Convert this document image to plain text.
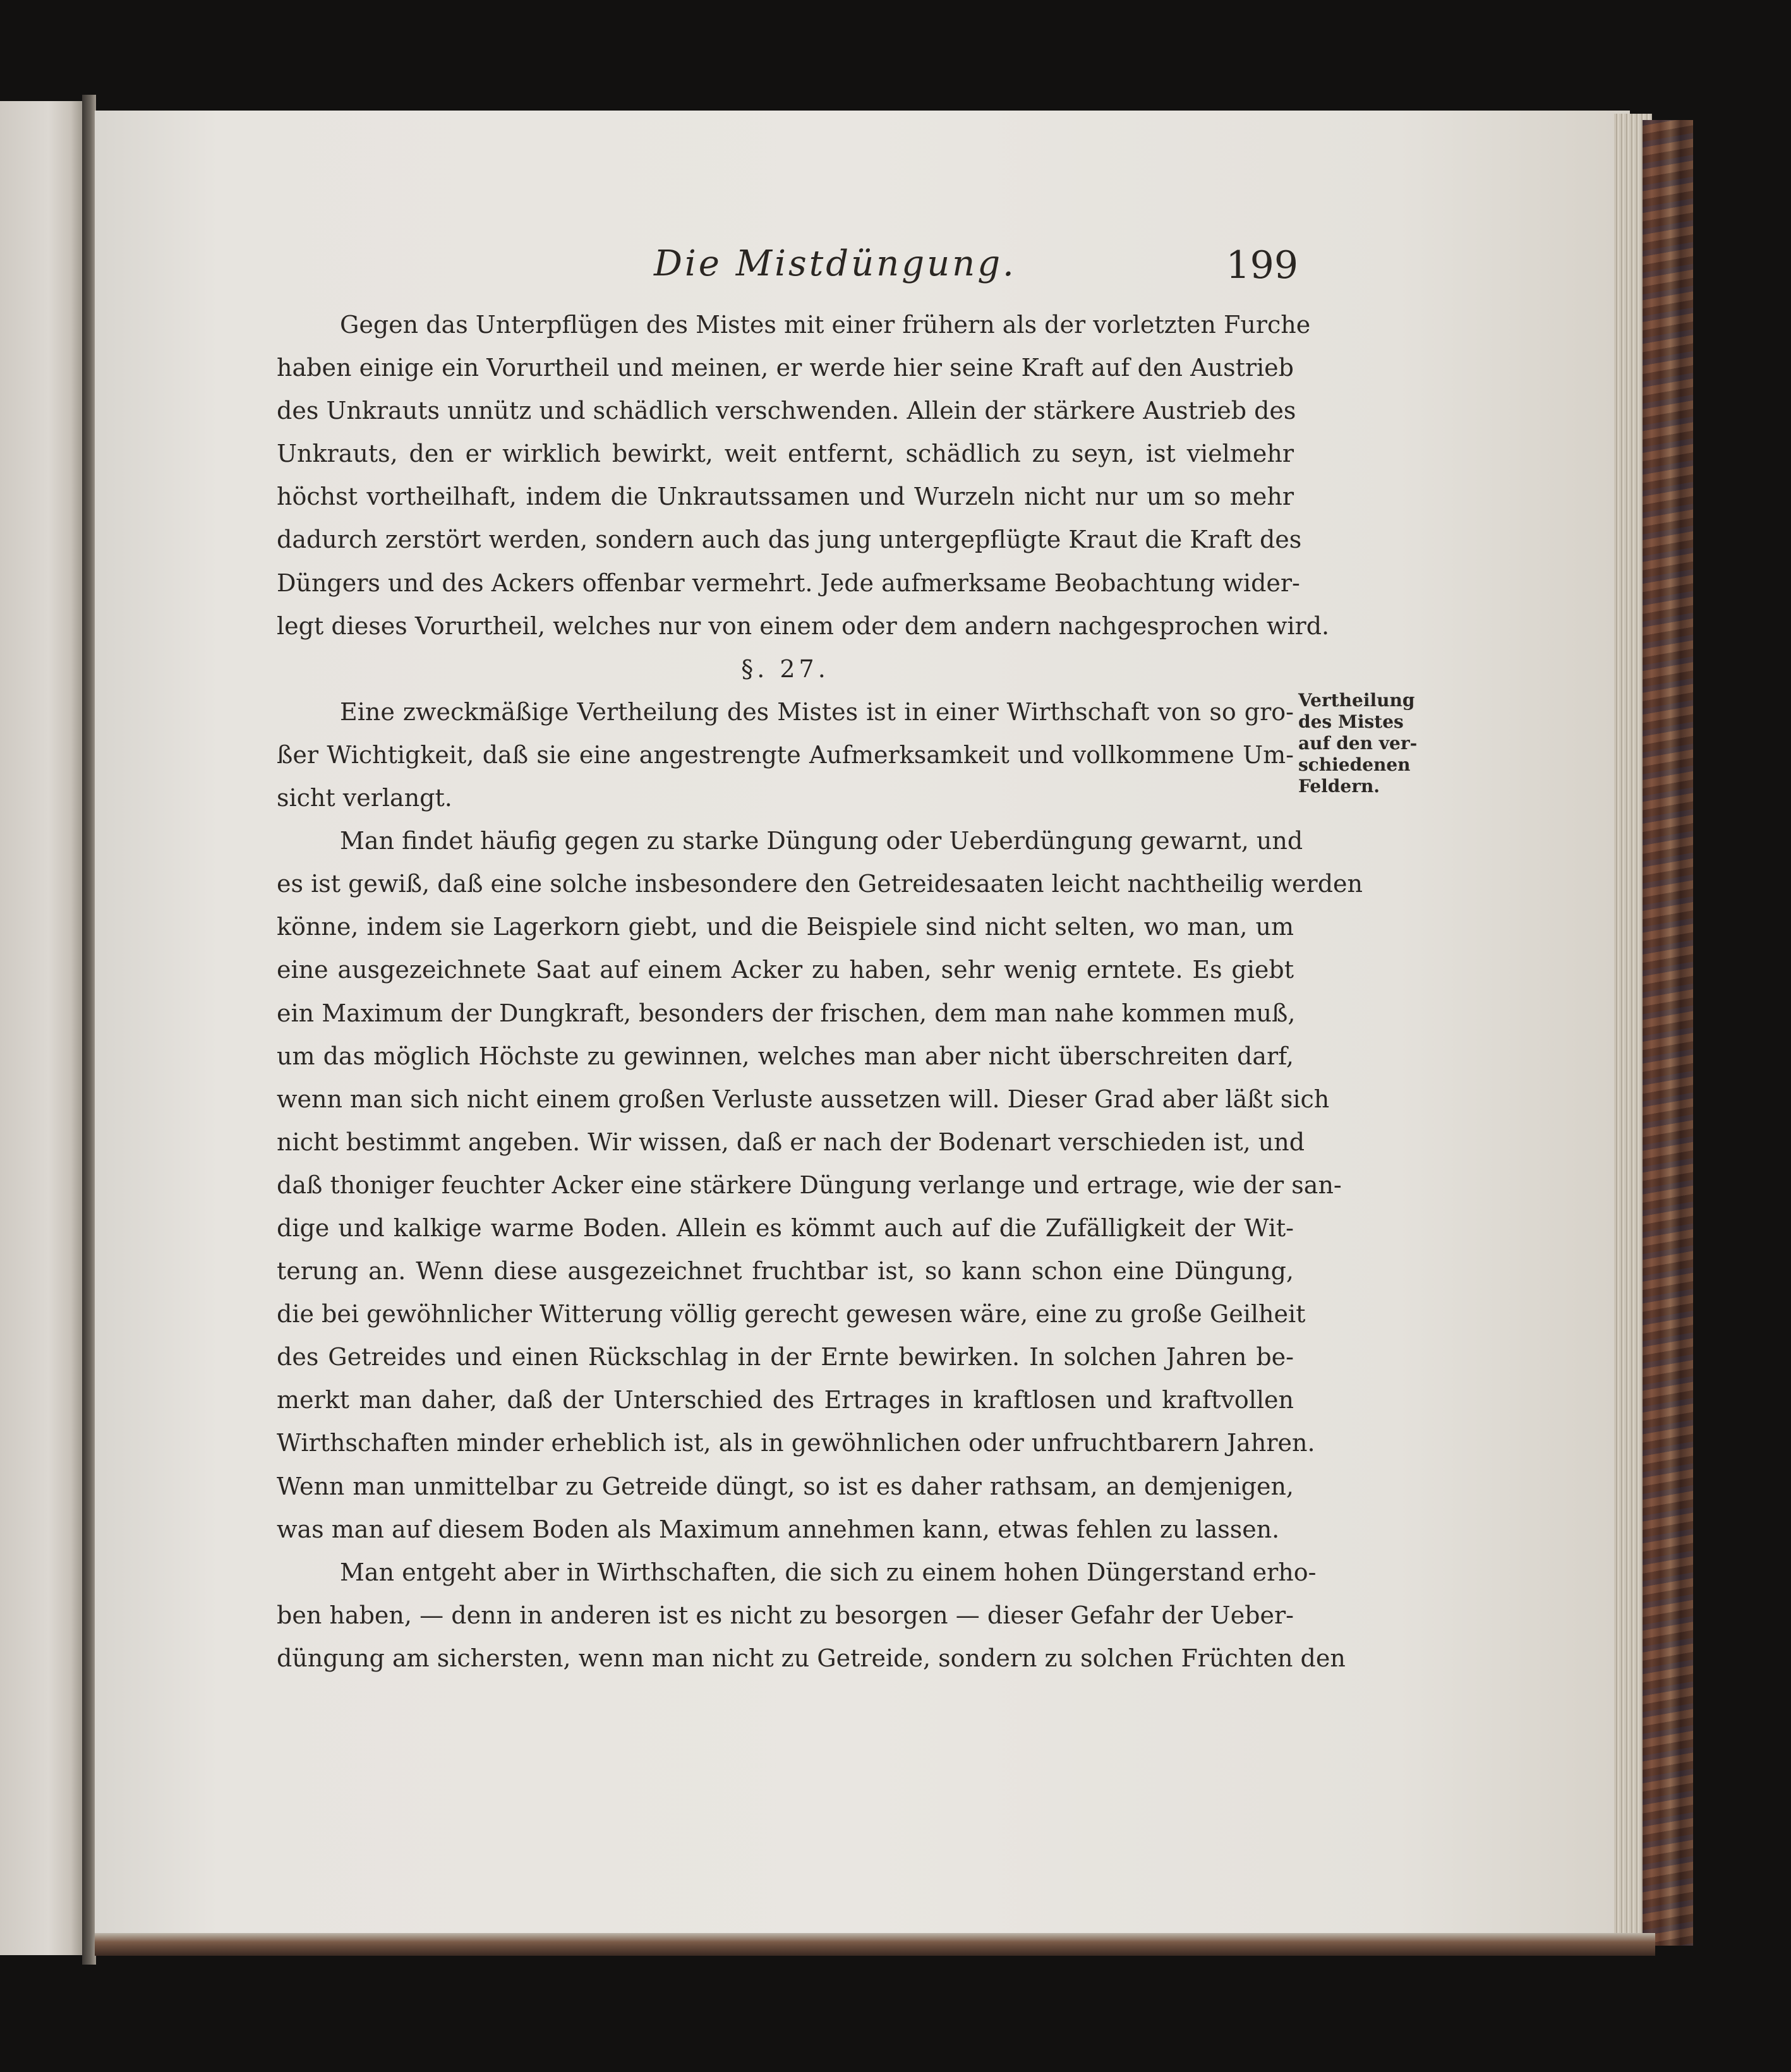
Die Mistdüngung.	199
Gegen das Unterpflügen des Mistes mit einer frühern als der vorletzten Furche
haben einige ein Vorurtheil und meinen, er werde hier seine Kraft auf den Austrieb
des Unkrauts unnütz und schädlich verschwenden. Allein der stärkere Austrieb des
Unkrauts, den er wirklich bewirkt, weit entfernt, schädlich zu seyn, ist vielmehr
höchst vortheilhaft, indem die Unkrautssamen und Wurzeln nicht nur um so mehr
dadurch zerstört werden, sondern auch das jung untergepflügte Kraut die Kraft des
Düngers und des Ackers offenbar vermehrt. Jede aufmerksame Beobachtung wider-
legt dieses Vorurtheil, welches nur von einem oder dem andern nachgesprochen wird.
§. 27.
Eine zweckmäßige Vertheilung des Mistes ist in einer Wirthschaft von so gro-
ßer Wichtigkeit, daß sie eine angestrengte Aufmerksamkeit und vollkommene Um-
sicht verlangt.
Man findet häufig gegen zu starke Düngung oder Ueberdüngung gewarnt, und
es ist gewiß, daß eine solche insbesondere den Getreidesaaten leicht nachtheilig werden
könne, indem sie Lagerkorn giebt, und die Beispiele sind nicht selten, wo man, um
eine ausgezeichnete Saat auf einem Acker zu haben, sehr wenig erntete. Es giebt
ein Maximum der Dungkraft, besonders der frischen, dem man nahe kommen muß,
um das möglich Höchste zu gewinnen, welches man aber nicht überschreiten darf,
wenn man sich nicht einem großen Verluste aussetzen will. Dieser Grad aber läßt sich
nicht bestimmt angeben. Wir wissen, daß er nach der Bodenart verschieden ist, und
daß thoniger feuchter Acker eine stärkere Düngung verlange und ertrage, wie der san-
dige und kalkige warme Boden. Allein es kömmt auch auf die Zufälligkeit der Wit-
terung an. Wenn diese ausgezeichnet fruchtbar ist, so kann schon eine Düngung,
die bei gewöhnlicher Witterung völlig gerecht gewesen wäre, eine zu große Geilheit
des Getreides und einen Rückschlag in der Ernte bewirken. In solchen Jahren be-
merkt man daher, daß der Unterschied des Ertrages in kraftlosen und kraftvollen
Wirthschaften minder erheblich ist, als in gewöhnlichen oder unfruchtbarern Jahren.
Wenn man unmittelbar zu Getreide düngt, so ist es daher rathsam, an demjenigen,
was man auf diesem Boden als Maximum annehmen kann, etwas fehlen zu lassen.
Man entgeht aber in Wirthschaften, die sich zu einem hohen Düngerstand erho-
ben haben, — denn in anderen ist es nicht zu besorgen — dieser Gefahr der Ueber-
düngung am sichersten, wenn man nicht zu Getreide, sondern zu solchen Früchten den
Vertheilung
des Mistes
auf den ver-
schiedenen
Feldern.
